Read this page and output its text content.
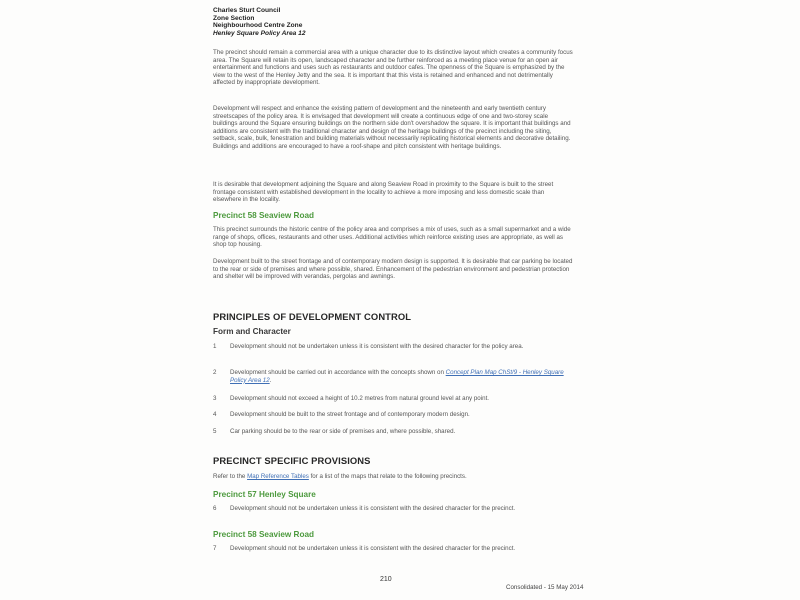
Charles Sturt Council
Zone Section
Neighbourhood Centre Zone
Henley Square Policy Area 12

The precinct should remain a commercial area with a unique character due to its distinctive layout which creates a community focus area. The Square will retain its open, landscaped character and be further reinforced as a meeting place venue for an open air entertainment and functions and uses such as restaurants and outdoor cafes. The openness of the Square is emphasized by the view to the west of the Henley Jetty and the sea. It is important that this vista is retained and enhanced and not detrimentally affected by inappropriate development.

Development will respect and enhance the existing pattern of development and the nineteenth and early twentieth century streetscapes of the policy area. It is envisaged that development will create a continuous edge of one and two-storey scale buildings around the Square ensuring buildings on the northern side don't overshadow the square. It is important that buildings and additions are consistent with the traditional character and design of the heritage buildings of the precinct including the siting, setback, scale, bulk, fenestration and building materials without necessarily replicating historical elements and decorative detailing. Buildings and additions are encouraged to have a roof-shape and pitch consistent with heritage buildings.

It is desirable that development adjoining the Square and along Seaview Road in proximity to the Square is built to the street frontage consistent with established development in the locality to achieve a more imposing and less domestic scale than elsewhere in the locality.

Precinct 58 Seaview Road

This precinct surrounds the historic centre of the policy area and comprises a mix of uses, such as a small supermarket and a wide range of shops, offices, restaurants and other uses. Additional activities which reinforce existing uses are appropriate, as well as shop top housing.

Development built to the street frontage and of contemporary modern design is supported. It is desirable that car parking be located to the rear or side of premises and where possible, shared. Enhancement of the pedestrian environment and pedestrian protection and shelter will be improved with verandas, pergolas and awnings.

PRINCIPLES OF DEVELOPMENT CONTROL
Form and Character
1 Development should not be undertaken unless it is consistent with the desired character for the policy area.
2 Development should be carried out in accordance with the concepts shown on Concept Plan Map ChSt/9 - Henley Square Policy Area 12.
3 Development should not exceed a height of 10.2 metres from natural ground level at any point.
4 Development should be built to the street frontage and of contemporary modern design.
5 Car parking should be to the rear or side of premises and, where possible, shared.
PRECINCT SPECIFIC PROVISIONS
Refer to the Map Reference Tables for a list of the maps that relate to the following precincts.
Precinct 57 Henley Square
6 Development should not be undertaken unless it is consistent with the desired character for the precinct.
Precinct 58 Seaview Road
7 Development should not be undertaken unless it is consistent with the desired character for the precinct.
210
Consolidated - 15 May 2014
